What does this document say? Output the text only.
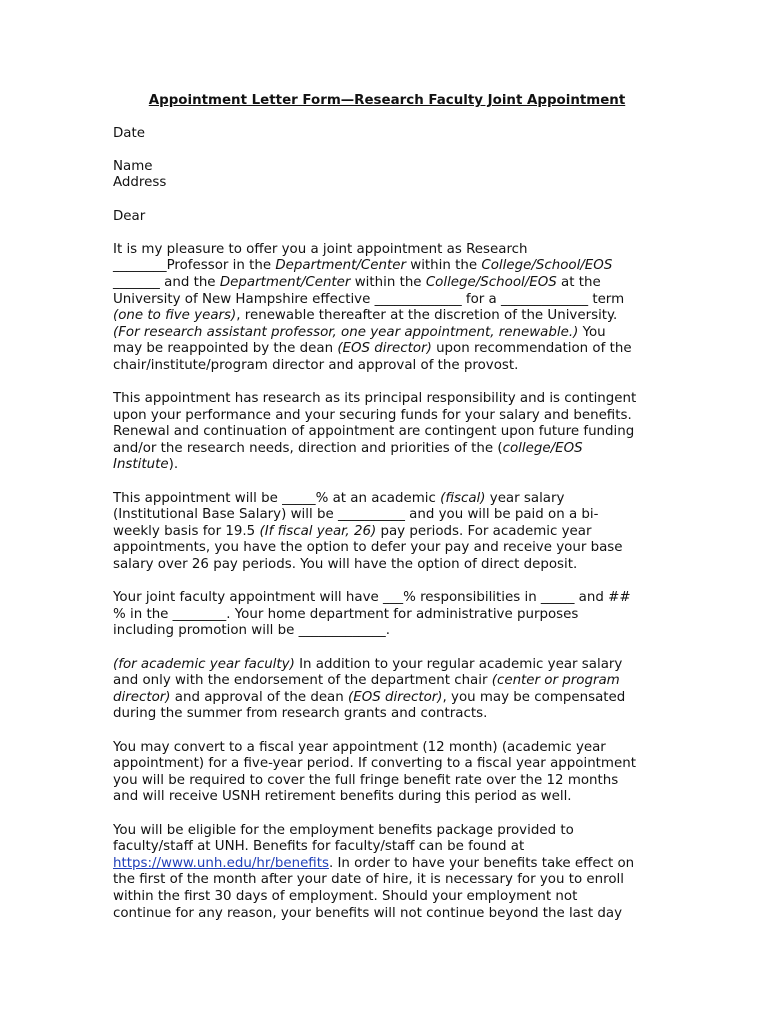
Appointment Letter Form—Research Faculty Joint Appointment
Date
Name
Address
Dear
It is my pleasure to offer you a joint appointment as Research
________Professor in the Department/Center within the College/School/EOS
_______ and the Department/Center within the College/School/EOS at the
University of New Hampshire effective _____________ for a _____________ term
(one to five years), renewable thereafter at the discretion of the University.
(For research assistant professor, one year appointment, renewable.) You
may be reappointed by the dean (EOS director) upon recommendation of the
chair/institute/program director and approval of the provost.
This appointment has research as its principal responsibility and is contingent
upon your performance and your securing funds for your salary and benefits.
Renewal and continuation of appointment are contingent upon future funding
and/or the research needs, direction and priorities of the (college/EOS
Institute).
This appointment will be _____% at an academic (fiscal) year salary
(Institutional Base Salary) will be __________ and you will be paid on a bi-
weekly basis for 19.5 (If fiscal year, 26) pay periods. For academic year
appointments, you have the option to defer your pay and receive your base
salary over 26 pay periods. You will have the option of direct deposit.
Your joint faculty appointment will have ___% responsibilities in _____ and ##
% in the ________. Your home department for administrative purposes
including promotion will be _____________.
(for academic year faculty) In addition to your regular academic year salary
and only with the endorsement of the department chair (center or program
director) and approval of the dean (EOS director), you may be compensated
during the summer from research grants and contracts.
You may convert to a fiscal year appointment (12 month) (academic year
appointment) for a five-year period. If converting to a fiscal year appointment
you will be required to cover the full fringe benefit rate over the 12 months
and will receive USNH retirement benefits during this period as well.
You will be eligible for the employment benefits package provided to
faculty/staff at UNH. Benefits for faculty/staff can be found at
https://www.unh.edu/hr/benefits. In order to have your benefits take effect on
the first of the month after your date of hire, it is necessary for you to enroll
within the first 30 days of employment. Should your employment not
continue for any reason, your benefits will not continue beyond the last day
